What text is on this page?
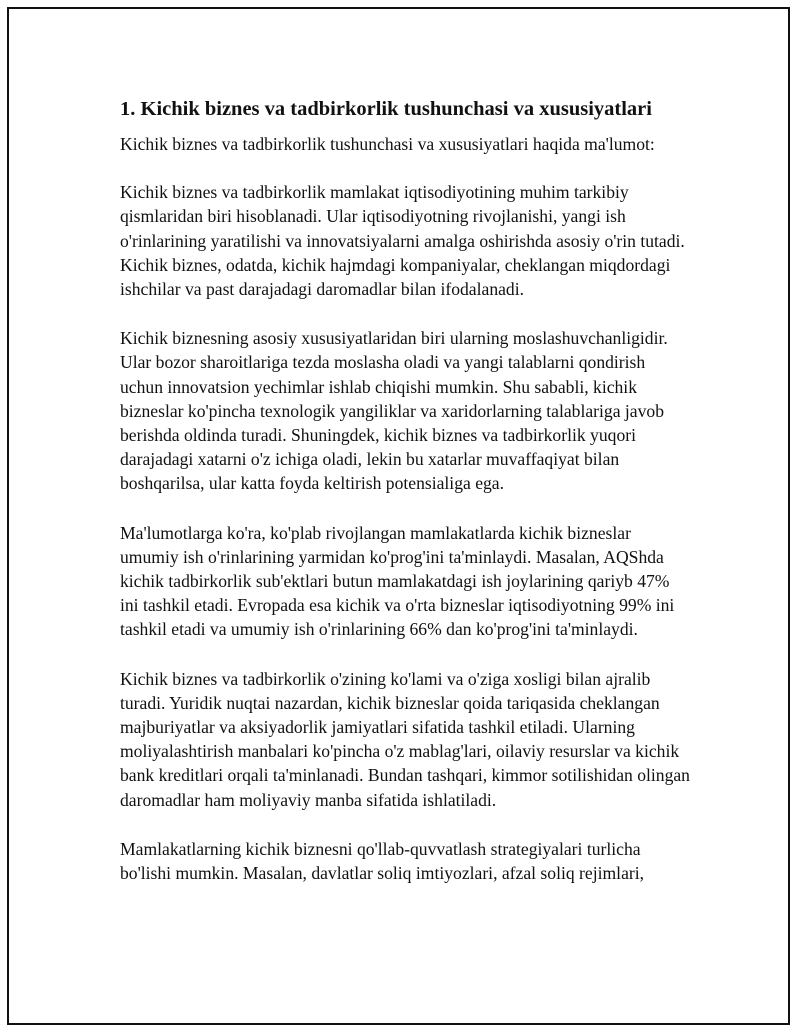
1. Kichik biznes va tadbirkorlik tushunchasi va xususiyatlari

Kichik biznes va tadbirkorlik tushunchasi va xususiyatlari haqida ma'lumot:

Kichik biznes va tadbirkorlik mamlakat iqtisodiyotining muhim tarkibiy qismlaridan biri hisoblanadi. Ular iqtisodiyotning rivojlanishi, yangi ish o'rinlarining yaratilishi va innovatsiyalarni amalga oshirishda asosiy o'rin tutadi. Kichik biznes, odatda, kichik hajmdagi kompaniyalar, cheklangan miqdordagi ishchilar va past darajadagi daromadlar bilan ifodalanadi.

Kichik biznesning asosiy xususiyatlaridan biri ularning moslashuvchanligidir. Ular bozor sharoitlariga tezda moslasha oladi va yangi talablarni qondirish uchun innovatsion yechimlar ishlab chiqishi mumkin. Shu sababli, kichik bizneslar ko'pincha texnologik yangiliklar va xaridorlarning talablariga javob berishda oldinda turadi. Shuningdek, kichik biznes va tadbirkorlik yuqori darajadagi xatarni o'z ichiga oladi, lekin bu xatarlar muvaffaqiyat bilan boshqarilsa, ular katta foyda keltirish potensialiga ega.

Ma'lumotlarga ko'ra, ko'plab rivojlangan mamlakatlarda kichik bizneslar umumiy ish o'rinlarining yarmidan ko'prog'ini ta'minlaydi. Masalan, AQShda kichik tadbirkorlik sub'ektlari butun mamlakatdagi ish joylarining qariyb 47% ini tashkil etadi. Evropada esa kichik va o'rta bizneslar iqtisodiyotning 99% ini tashkil etadi va umumiy ish o'rinlarining 66% dan ko'prog'ini ta'minlaydi.

Kichik biznes va tadbirkorlik o'zining ko'lami va o'ziga xosligi bilan ajralib turadi. Yuridik nuqtai nazardan, kichik bizneslar qoida tariqasida cheklangan majburiyatlar va aksiyadorlik jamiyatlari sifatida tashkil etiladi. Ularning moliyalashtirish manbalari ko'pincha o'z mablag'lari, oilaviy resurslar va kichik bank kreditlari orqali ta'minlanadi. Bundan tashqari, kimmor sotilishidan olingan daromadlar ham moliyaviy manba sifatida ishlatiladi.

Mamlakatlarning kichik biznesni qo'llab-quvvatlash strategiyalari turlicha bo'lishi mumkin. Masalan, davlatlar soliq imtiyozlari, afzal soliq rejimlari,
